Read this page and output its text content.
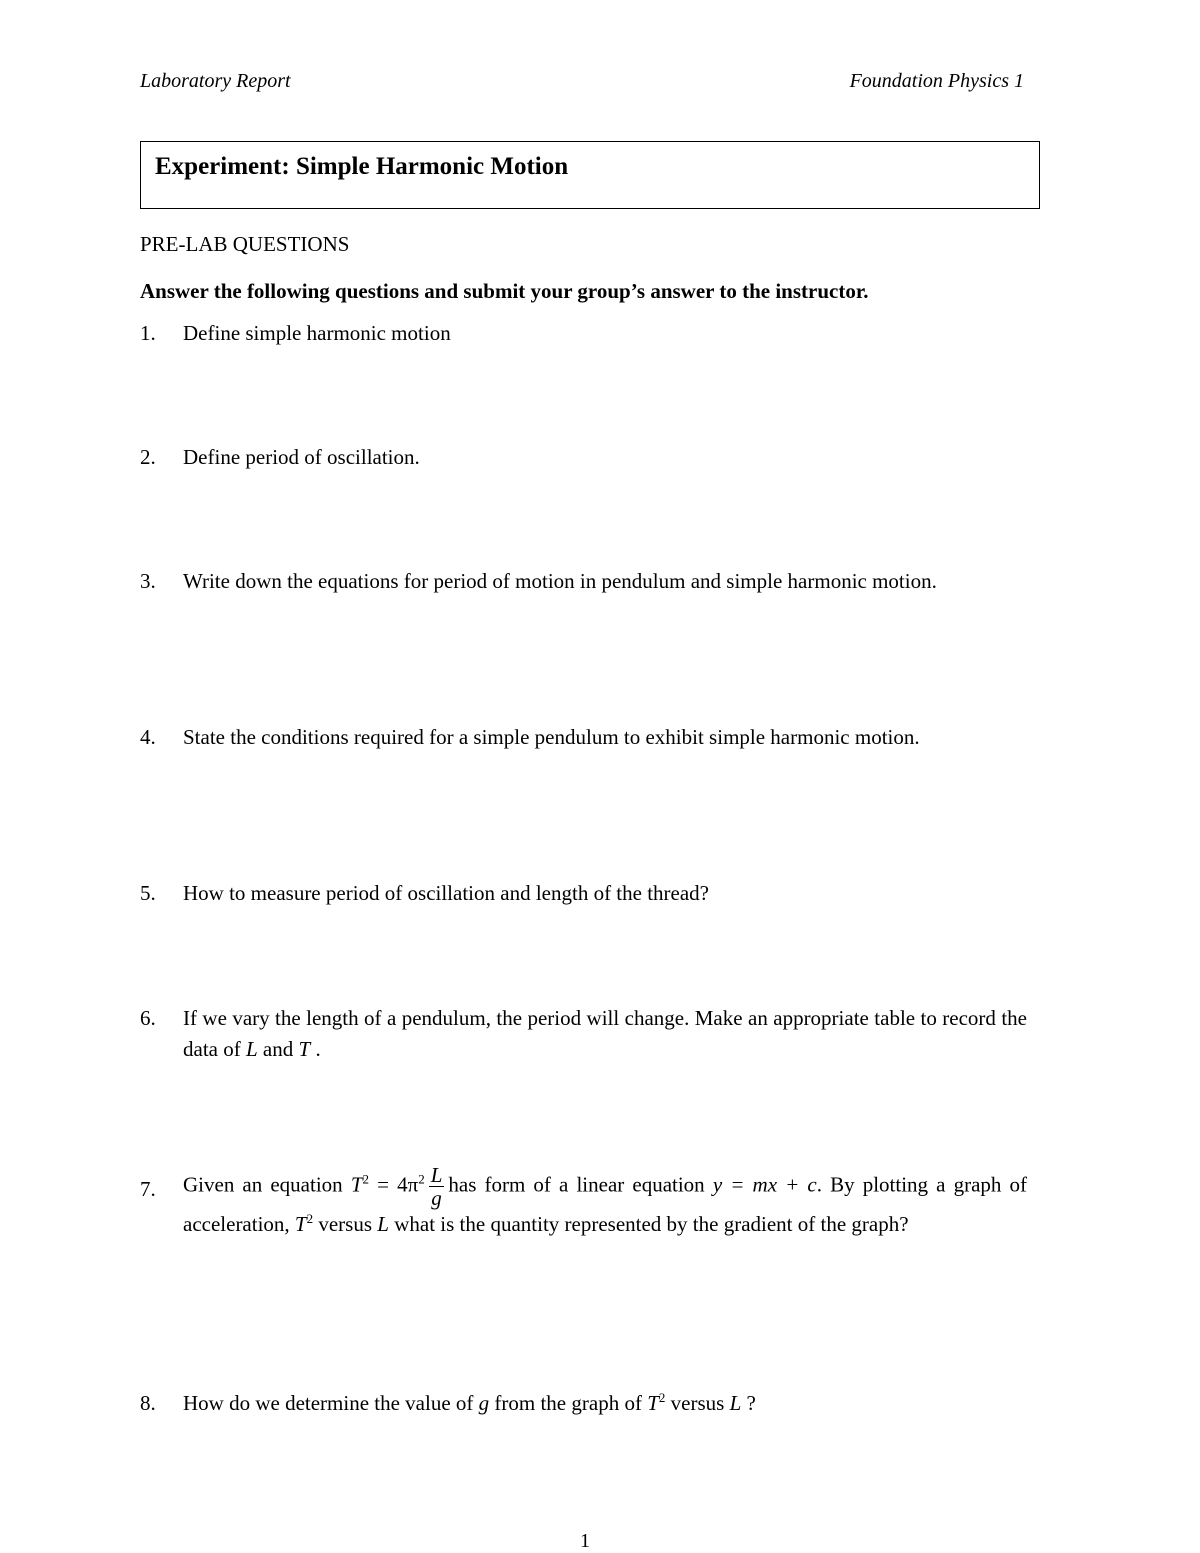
Laboratory Report	Foundation Physics 1
Experiment: Simple Harmonic Motion
PRE-LAB QUESTIONS
Answer the following questions and submit your group’s answer to the instructor.
1. Define simple harmonic motion
2. Define period of oscillation.
3. Write down the equations for period of motion in pendulum and simple harmonic motion.
4. State the conditions required for a simple pendulum to exhibit simple harmonic motion.
5. How to measure period of oscillation and length of the thread?
6. If we vary the length of a pendulum, the period will change. Make an appropriate table to record the data of L and T .
7. Given an equation $T^2 = 4\pi^2 \frac{L}{g}$ has form of a linear equation y = mx + c. By plotting a graph of acceleration, $T^2$ versus L what is the quantity represented by the gradient of the graph?
8. How do we determine the value of g from the graph of $T^2$ versus L ?
1
